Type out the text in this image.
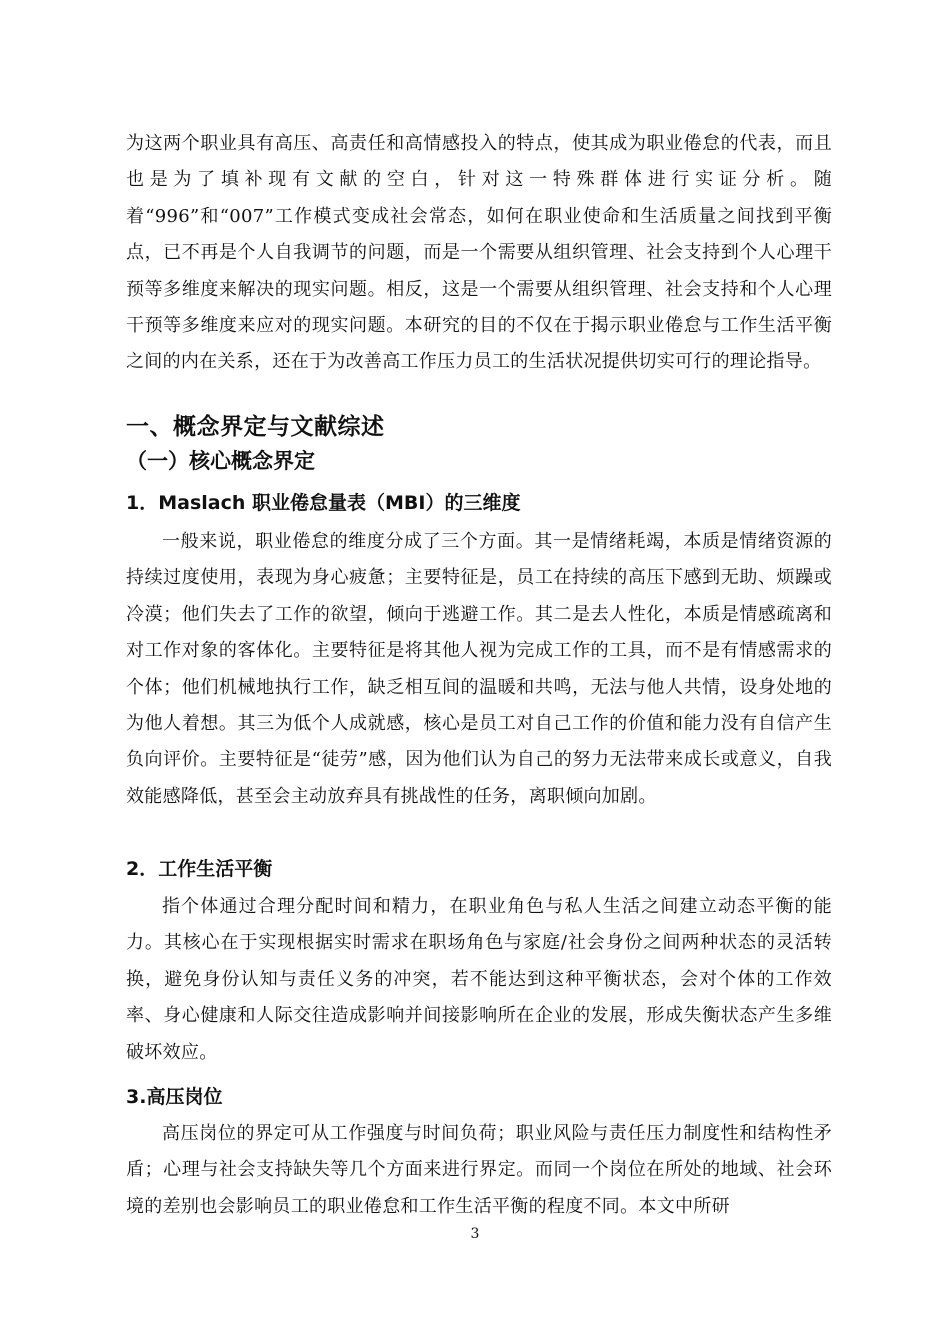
为这两个职业具有高压、高责任和高情感投入的特点，使其成为职业倦怠的代表，而且也是为了填补现有文献的空白，针对这一特殊群体进行实证分析。随着“996”和“007”工作模式变成社会常态，如何在职业使命和生活质量之间找到平衡点，已不再是个人自我调节的问题，而是一个需要从组织管理、社会支持到个人心理干预等多维度来解决的现实问题。相反，这是一个需要从组织管理、社会支持和个人心理干预等多维度来应对的现实问题。本研究的目的不仅在于揭示职业倦怠与工作生活平衡之间的内在关系，还在于为改善高工作压力员工的生活状况提供切实可行的理论指导。

一、概念界定与文献综述
（一）核心概念界定
1．Maslach 职业倦怠量表（MBI）的三维度

一般来说，职业倦怠的维度分成了三个方面。其一是情绪耗竭，本质是情绪资源的持续过度使用，表现为身心疲惫；主要特征是，员工在持续的高压下感到无助、烦躁或冷漠；他们失去了工作的欲望，倾向于逃避工作。其二是去人性化，本质是情感疏离和对工作对象的客体化。主要特征是将其他人视为完成工作的工具，而不是有情感需求的个体；他们机械地执行工作，缺乏相互间的温暖和共鸣，无法与他人共情，设身处地的为他人着想。其三为低个人成就感，核心是员工对自己工作的价值和能力没有自信产生负向评价。主要特征是“徒劳”感，因为他们认为自己的努力无法带来成长或意义，自我效能感降低，甚至会主动放弃具有挑战性的任务，离职倾向加剧。

2．工作生活平衡

指个体通过合理分配时间和精力，在职业角色与私人生活之间建立动态平衡的能力。其核心在于实现根据实时需求在职场角色与家庭/社会身份之间两种状态的灵活转换，避免身份认知与责任义务的冲突，若不能达到这种平衡状态，会对个体的工作效率、身心健康和人际交往造成影响并间接影响所在企业的发展，形成失衡状态产生多维破坏效应。

3.高压岗位

高压岗位的界定可从工作强度与时间负荷；职业风险与责任压力制度性和结构性矛盾；心理与社会支持缺失等几个方面来进行界定。而同一个岗位在所处的地域、社会环境的差别也会影响员工的职业倦怠和工作生活平衡的程度不同。本文中所研

3
